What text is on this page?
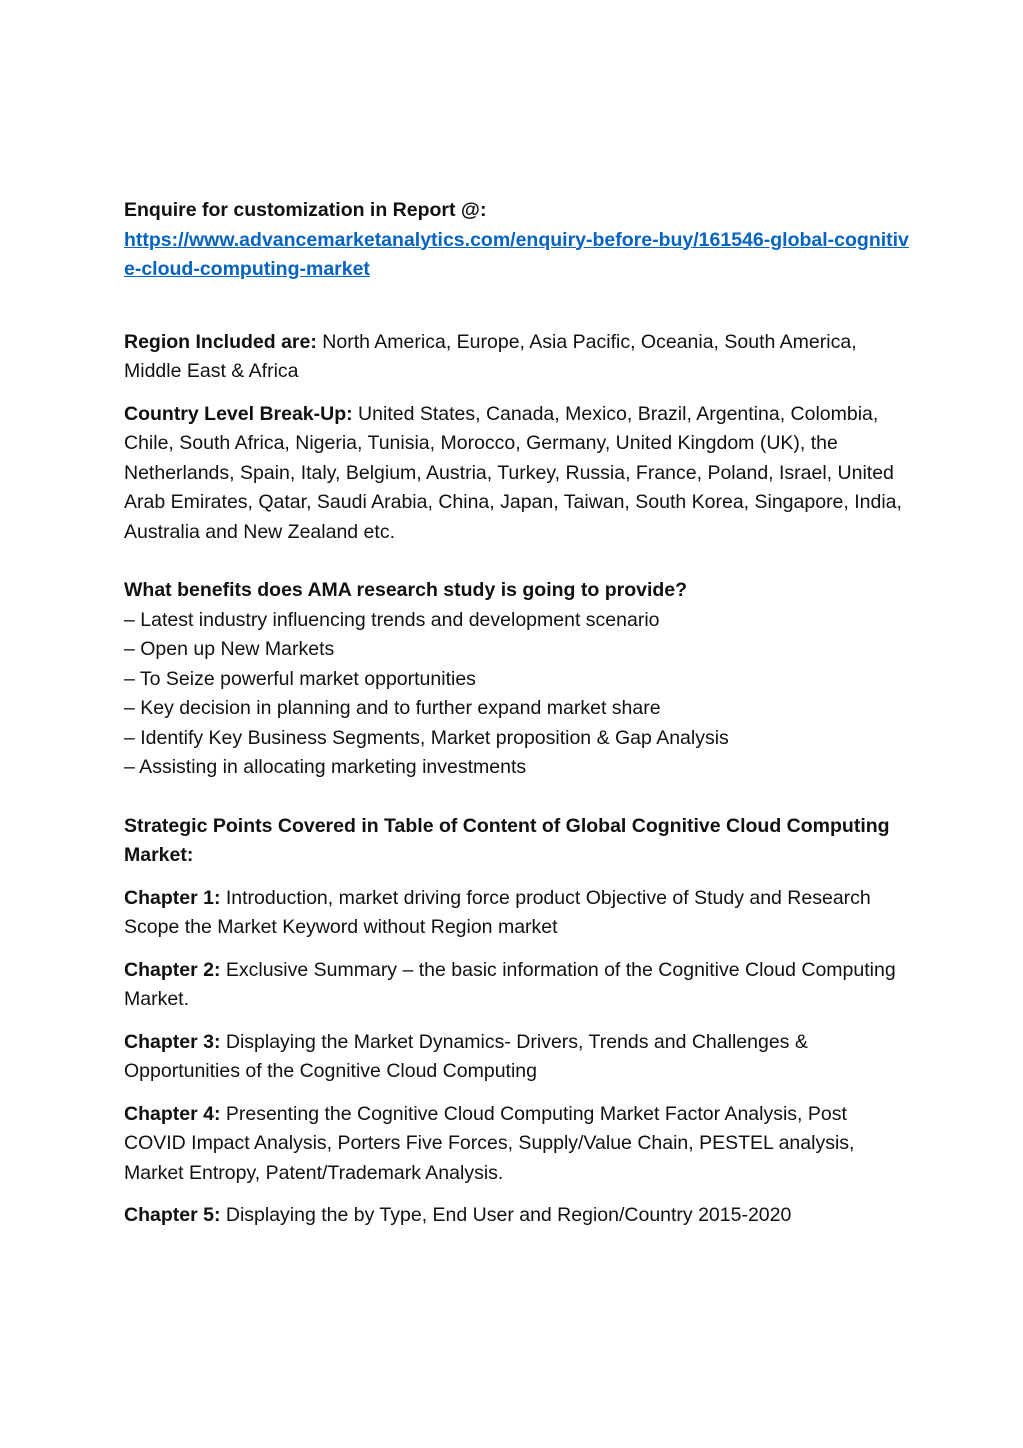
Enquire for customization in Report @:

https://www.advancemarketanalytics.com/enquiry-before-buy/161546-global-cognitive-cloud-computing-market

Region Included are: North America, Europe, Asia Pacific, Oceania, South America, Middle East & Africa

Country Level Break-Up: United States, Canada, Mexico, Brazil, Argentina, Colombia, Chile, South Africa, Nigeria, Tunisia, Morocco, Germany, United Kingdom (UK), the Netherlands, Spain, Italy, Belgium, Austria, Turkey, Russia, France, Poland, Israel, United Arab Emirates, Qatar, Saudi Arabia, China, Japan, Taiwan, South Korea, Singapore, India, Australia and New Zealand etc.

What benefits does AMA research study is going to provide?

– Latest industry influencing trends and development scenario
– Open up New Markets
– To Seize powerful market opportunities
– Key decision in planning and to further expand market share
– Identify Key Business Segments, Market proposition & Gap Analysis
– Assisting in allocating marketing investments

Strategic Points Covered in Table of Content of Global Cognitive Cloud Computing Market:

Chapter 1: Introduction, market driving force product Objective of Study and Research Scope the Market Keyword without Region market

Chapter 2: Exclusive Summary – the basic information of the Cognitive Cloud Computing Market.

Chapter 3: Displaying the Market Dynamics- Drivers, Trends and Challenges & Opportunities of the Cognitive Cloud Computing

Chapter 4: Presenting the Cognitive Cloud Computing Market Factor Analysis, Post COVID Impact Analysis, Porters Five Forces, Supply/Value Chain, PESTEL analysis, Market Entropy, Patent/Trademark Analysis.

Chapter 5: Displaying the by Type, End User and Region/Country 2015-2020
